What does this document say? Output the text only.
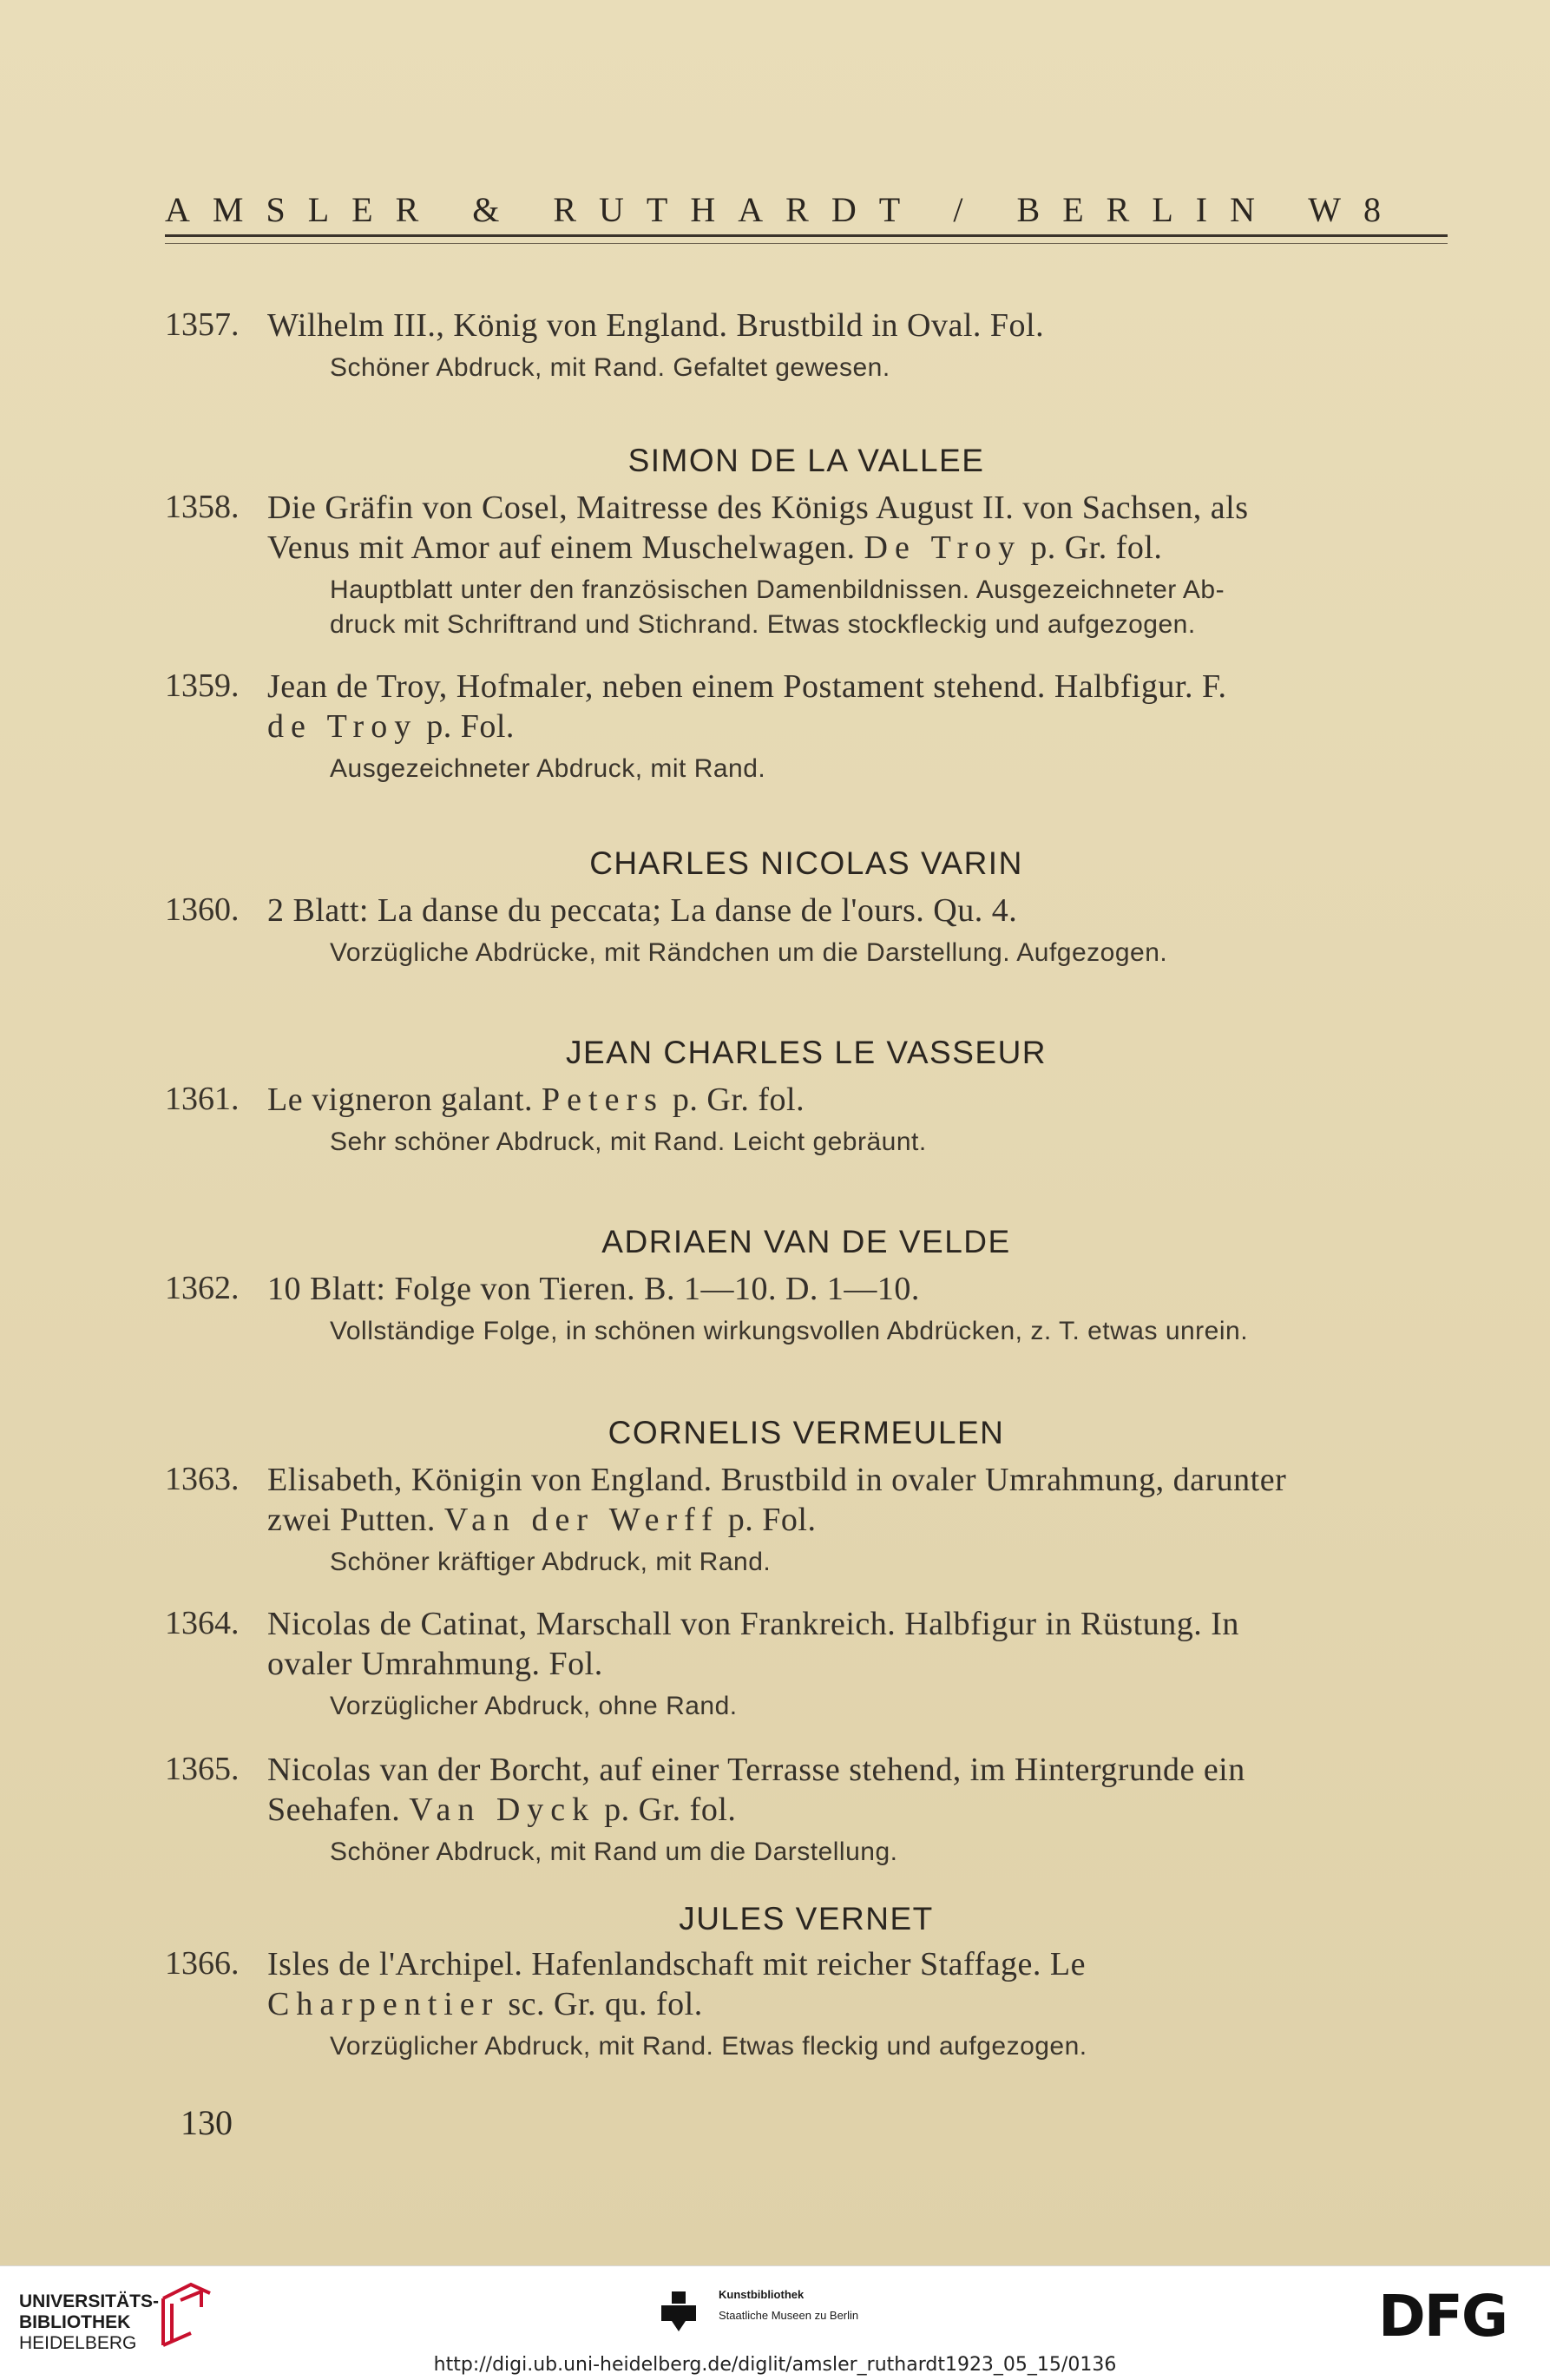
AMSLER & RUTHARDT / BERLIN W8
1357. Wilhelm III., König von England. Brustbild in Oval. Fol.
Schöner Abdruck, mit Rand. Gefaltet gewesen.
SIMON DE LA VALLEE
1358. Die Gräfin von Cosel, Maitresse des Königs August II. von Sachsen, als
Venus mit Amor auf einem Muschelwagen. De Troy p. Gr. fol.
Hauptblatt unter den französischen Damenbildnissen. Ausgezeichneter Ab-
druck mit Schriftrand und Stichrand. Etwas stockfleckig und aufgezogen.
1359. Jean de Troy, Hofmaler, neben einem Postament stehend. Halbfigur. F.
de Troy p. Fol.
Ausgezeichneter Abdruck, mit Rand.
CHARLES NICOLAS VARIN
1360. 2 Blatt: La danse du peccata; La danse de l'ours. Qu. 4.
Vorzügliche Abdrücke, mit Rändchen um die Darstellung. Aufgezogen.
JEAN CHARLES LE VASSEUR
1361. Le vigneron galant. Peters p. Gr. fol.
Sehr schöner Abdruck, mit Rand. Leicht gebräunt.
ADRIAEN VAN DE VELDE
1362. 10 Blatt: Folge von Tieren. B. 1—10. D. 1—10.
Vollständige Folge, in schönen wirkungsvollen Abdrücken, z. T. etwas unrein.
CORNELIS VERMEULEN
1363. Elisabeth, Königin von England. Brustbild in ovaler Umrahmung, darunter
zwei Putten. Van der Werff p. Fol.
Schöner kräftiger Abdruck, mit Rand.
1364. Nicolas de Catinat, Marschall von Frankreich. Halbfigur in Rüstung. In
ovaler Umrahmung. Fol.
Vorzüglicher Abdruck, ohne Rand.
1365. Nicolas van der Borcht, auf einer Terrasse stehend, im Hintergrunde ein
Seehafen. Van Dyck p. Gr. fol.
Schöner Abdruck, mit Rand um die Darstellung.
JULES VERNET
1366. Isles de l'Archipel. Hafenlandschaft mit reicher Staffage. Le
Charpentier sc. Gr. qu. fol.
Vorzüglicher Abdruck, mit Rand. Etwas fleckig und aufgezogen.
130
UNIVERSITÄTS-
BIBLIOTHEK
HEIDELBERG
Kunstbibliothek
Staatliche Museen zu Berlin	DFG
http://digi.ub.uni-heidelberg.de/diglit/amsler_ruthardt1923_05_15/0136
